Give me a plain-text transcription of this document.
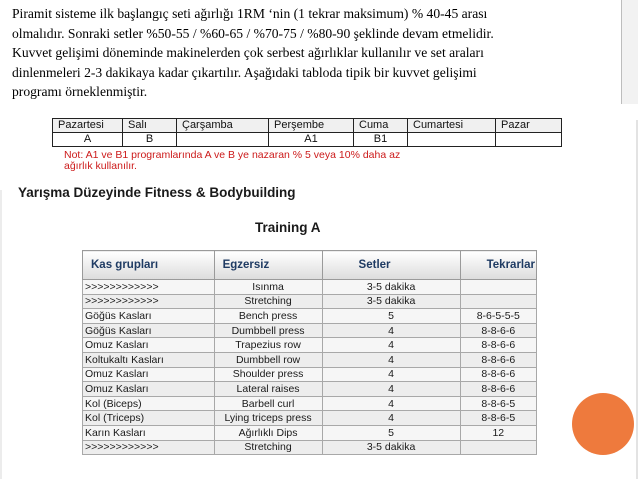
Piramit sisteme ilk başlangıç seti ağırlığı 1RM ‘nin (1 tekrar maksimum) % 40-45 arası
olmalıdır. Sonraki setler %50-55 / %60-65 / %70-75 / %80-90 şeklinde devam etmelidir.
Kuvvet gelişimi döneminde makinelerden çok serbest ağırlıklar kullanılır ve set araları
dinlenmeleri 2-3 dakikaya kadar çıkartılır. Aşağıdaki tabloda tipik bir kuvvet gelişimi
programı örneklenmiştir.
Pazartesi	Salı	Çarşamba	Perşembe	Cuma	Cumartesi	Pazar
A	B		A1	B1		
Not: A1 ve B1 programlarında A ve B ye nazaran % 5 veya 10% daha az
ağırlık kullanılır.
Yarışma Düzeyinde Fitness & Bodybuilding
Training A
Kas grupları	Egzersiz	Setler	Tekrarlar
>>>>>>>>>>>>	Isınma	3-5 dakika	
>>>>>>>>>>>>	Stretching	3-5 dakika	
Göğüs Kasları	Bench press	5	8-6-5-5-5
Göğüs Kasları	Dumbbell press	4	8-8-6-6
Omuz Kasları	Trapezius row	4	8-8-6-6
Koltukaltı Kasları	Dumbbell row	4	8-8-6-6
Omuz Kasları	Shoulder press	4	8-8-6-6
Omuz Kasları	Lateral raises	4	8-8-6-6
Kol (Biceps)	Barbell curl	4	8-8-6-5
Kol (Triceps)	Lying triceps press	4	8-8-6-5
Karın Kasları	Ağırlıklı Dips	5	12
>>>>>>>>>>>>	Stretching	3-5 dakika	
